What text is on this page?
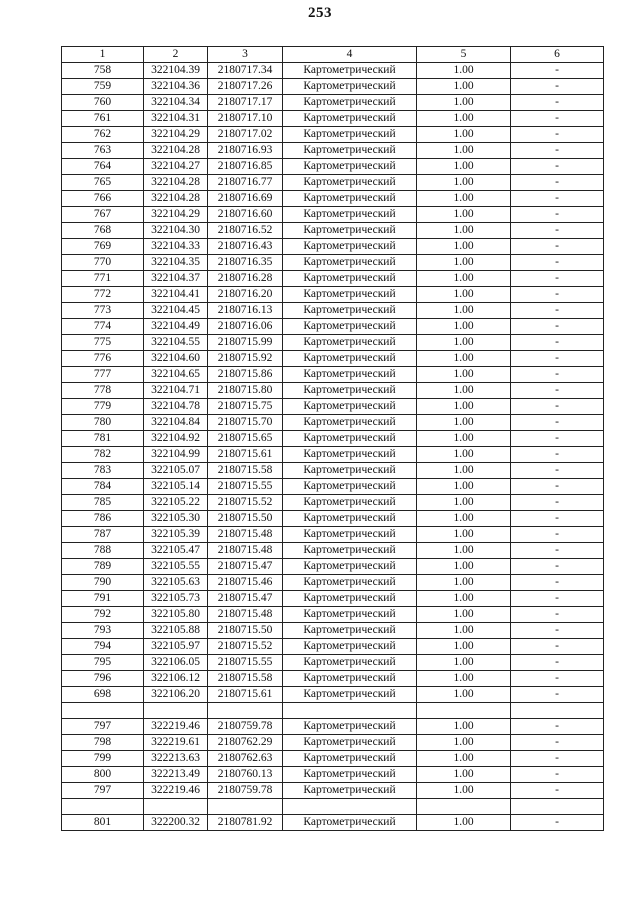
253
1	2	3	4	5	6
758	322104.39	2180717.34	Картометрический	1.00	-
759	322104.36	2180717.26	Картометрический	1.00	-
760	322104.34	2180717.17	Картометрический	1.00	-
761	322104.31	2180717.10	Картометрический	1.00	-
762	322104.29	2180717.02	Картометрический	1.00	-
763	322104.28	2180716.93	Картометрический	1.00	-
764	322104.27	2180716.85	Картометрический	1.00	-
765	322104.28	2180716.77	Картометрический	1.00	-
766	322104.28	2180716.69	Картометрический	1.00	-
767	322104.29	2180716.60	Картометрический	1.00	-
768	322104.30	2180716.52	Картометрический	1.00	-
769	322104.33	2180716.43	Картометрический	1.00	-
770	322104.35	2180716.35	Картометрический	1.00	-
771	322104.37	2180716.28	Картометрический	1.00	-
772	322104.41	2180716.20	Картометрический	1.00	-
773	322104.45	2180716.13	Картометрический	1.00	-
774	322104.49	2180716.06	Картометрический	1.00	-
775	322104.55	2180715.99	Картометрический	1.00	-
776	322104.60	2180715.92	Картометрический	1.00	-
777	322104.65	2180715.86	Картометрический	1.00	-
778	322104.71	2180715.80	Картометрический	1.00	-
779	322104.78	2180715.75	Картометрический	1.00	-
780	322104.84	2180715.70	Картометрический	1.00	-
781	322104.92	2180715.65	Картометрический	1.00	-
782	322104.99	2180715.61	Картометрический	1.00	-
783	322105.07	2180715.58	Картометрический	1.00	-
784	322105.14	2180715.55	Картометрический	1.00	-
785	322105.22	2180715.52	Картометрический	1.00	-
786	322105.30	2180715.50	Картометрический	1.00	-
787	322105.39	2180715.48	Картометрический	1.00	-
788	322105.47	2180715.48	Картометрический	1.00	-
789	322105.55	2180715.47	Картометрический	1.00	-
790	322105.63	2180715.46	Картометрический	1.00	-
791	322105.73	2180715.47	Картометрический	1.00	-
792	322105.80	2180715.48	Картометрический	1.00	-
793	322105.88	2180715.50	Картометрический	1.00	-
794	322105.97	2180715.52	Картометрический	1.00	-
795	322106.05	2180715.55	Картометрический	1.00	-
796	322106.12	2180715.58	Картометрический	1.00	-
698	322106.20	2180715.61	Картометрический	1.00	-

797	322219.46	2180759.78	Картометрический	1.00	-
798	322219.61	2180762.29	Картометрический	1.00	-
799	322213.63	2180762.63	Картометрический	1.00	-
800	322213.49	2180760.13	Картометрический	1.00	-
797	322219.46	2180759.78	Картометрический	1.00	-

801	322200.32	2180781.92	Картометрический	1.00	-
